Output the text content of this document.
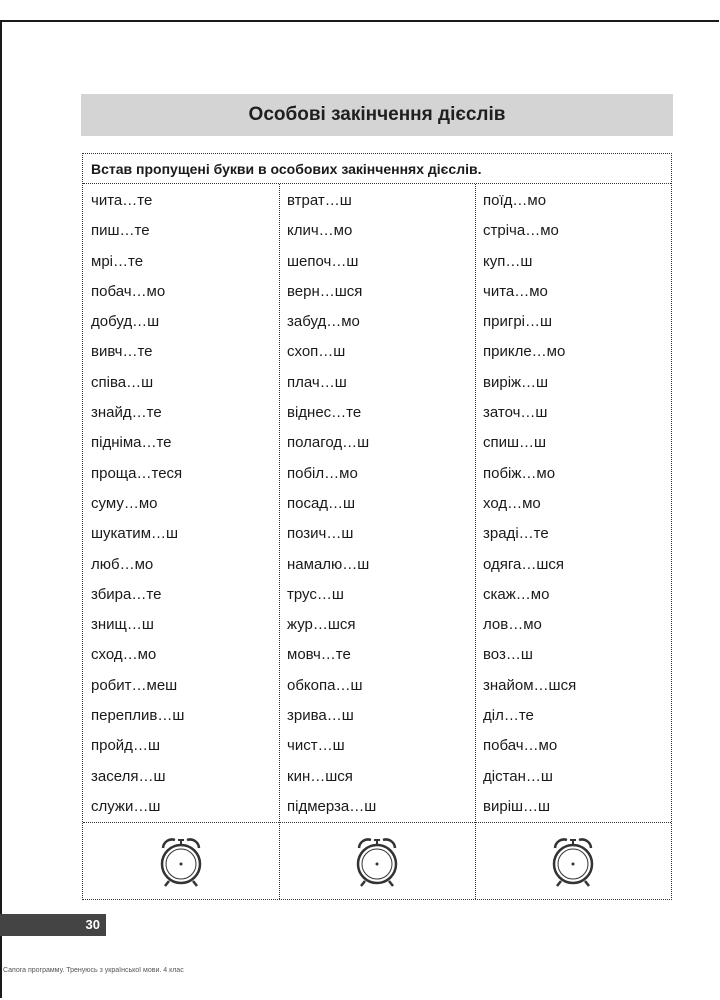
Особові закінчення дієслів
Встав пропущені букви в особових закінченнях дієслів.
чита…те
пиш…те
мрі…те
побач…мо
добуд…ш
вивч…те
співа…ш
знайд…те
підніма…те
проща…теся
суму…мо
шукатим…ш
люб…мо
збира…те
знищ…ш
сход…мо
робит…меш
переплив…ш
пройд…ш
заселя…ш
служи…ш
втрат…ш
клич…мо
шепоч…ш
верн…шся
забуд…мо
схоп…ш
плач…ш
віднес…те
полагод…ш
побіл…мо
посад…ш
позич…ш
намалю…ш
трус…ш
жур…шся
мовч…те
обкопа…ш
зрива…ш
чист…ш
кин…шся
підмерза…ш
поїд…мо
стріча…мо
куп…ш
чита…мо
пригрі…ш
прикле…мо
виріж…ш
заточ…ш
спиш…ш
побіж…мо
ход…мо
зраді…те
одяга…шся
скаж…мо
лов…мо
воз…ш
знайом…шся
діл…те
побач…мо
дістан…ш
виріш…ш
30
Сапога программу. Тренуюсь з української мови. 4 клас
